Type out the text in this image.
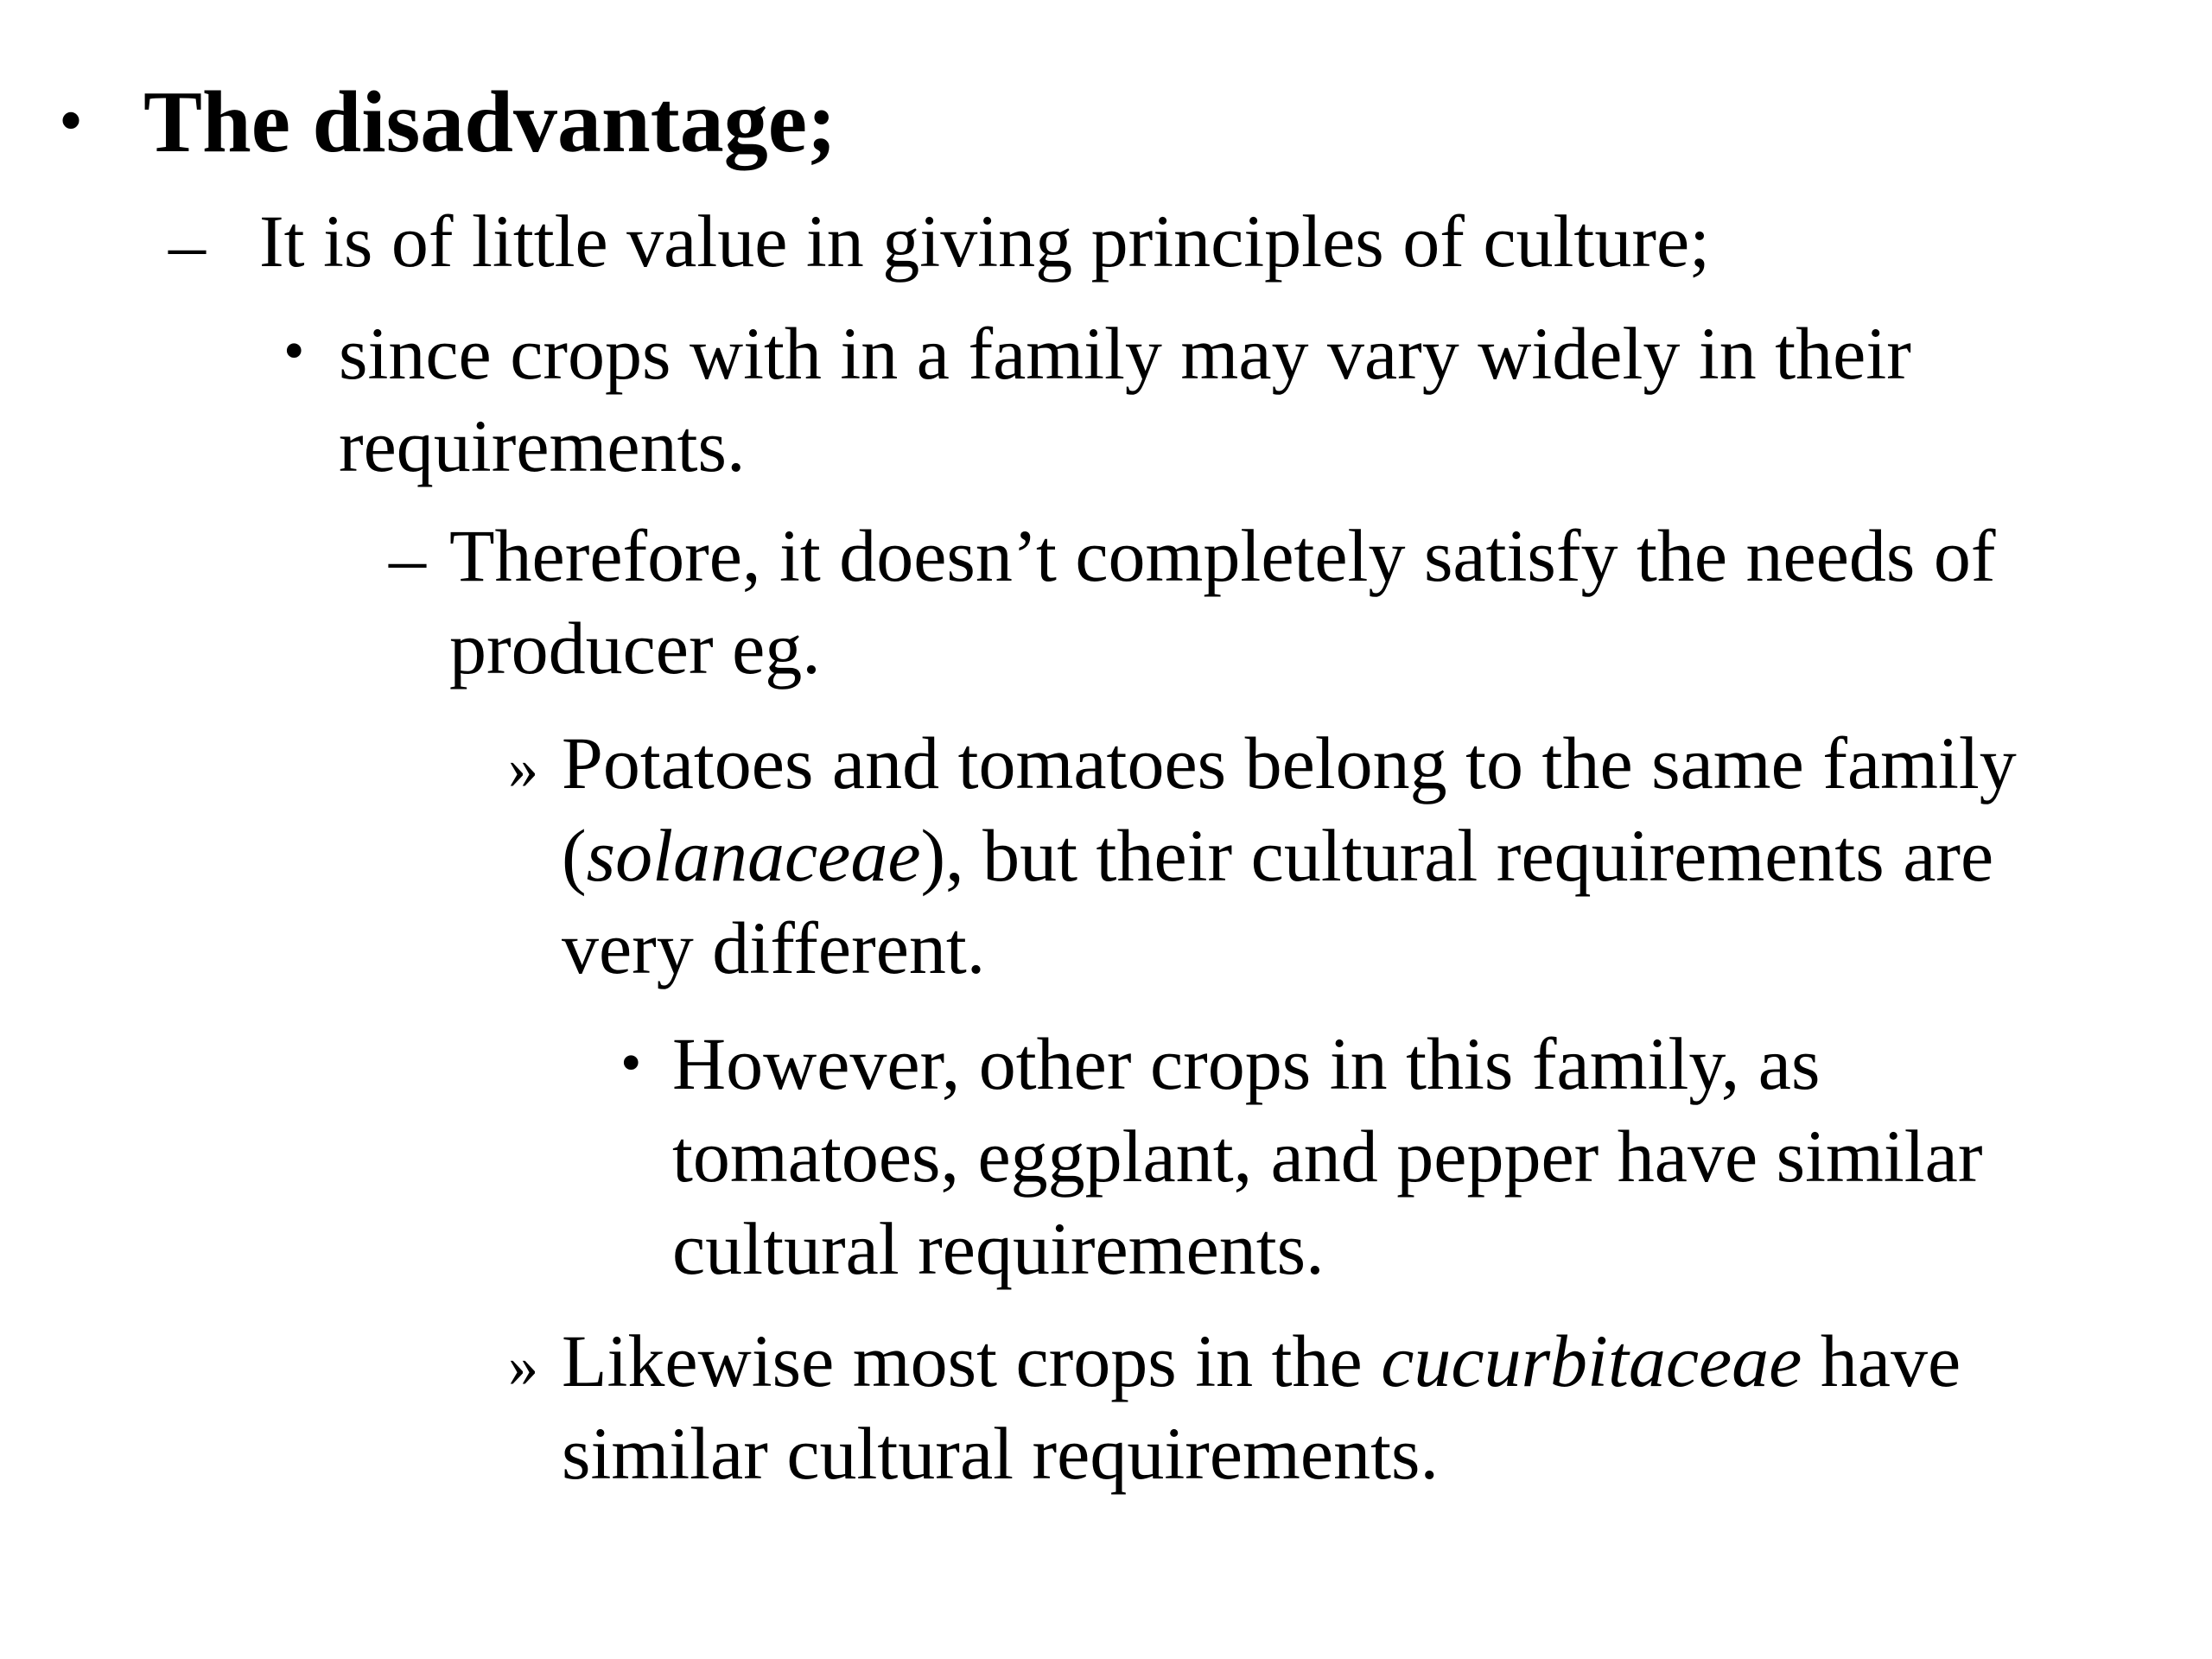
• The disadvantage;
– It is of little value in giving principles of culture;
• since crops with in a family may vary widely in their
requirements.
– Therefore, it doesn’t completely satisfy the needs of
producer eg.
» Potatoes and tomatoes belong to the same family
(solanaceae), but their cultural requirements are
very different.
• However, other crops in this family, as
tomatoes, eggplant, and pepper have similar
cultural requirements.
» Likewise most crops in the cucurbitaceae have
similar cultural requirements.
